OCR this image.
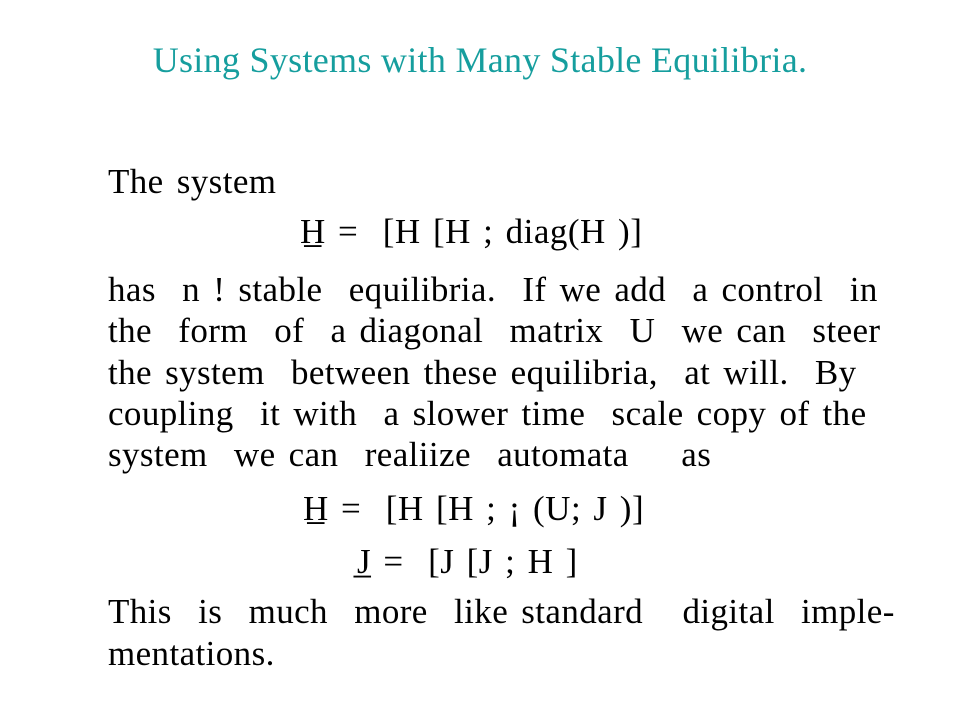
Using Systems with Many Stable Equilibria.
The system
H̲ =  [H [H ; diag(H )]
has  n ! stable  equilibria.  If we add  a control  in
the  form  of  a diagonal  matrix  U  we can  steer
the system  between these equilibria,  at will.  By
coupling  it with  a slower time  scale copy of the
system  we can  realiize  automata    as
H̲ =  [H [H ; ¡ (U; J )]
J̲ =  [J [J ; H ]
This  is  much  more  like standard   digital  imple-
mentations.
